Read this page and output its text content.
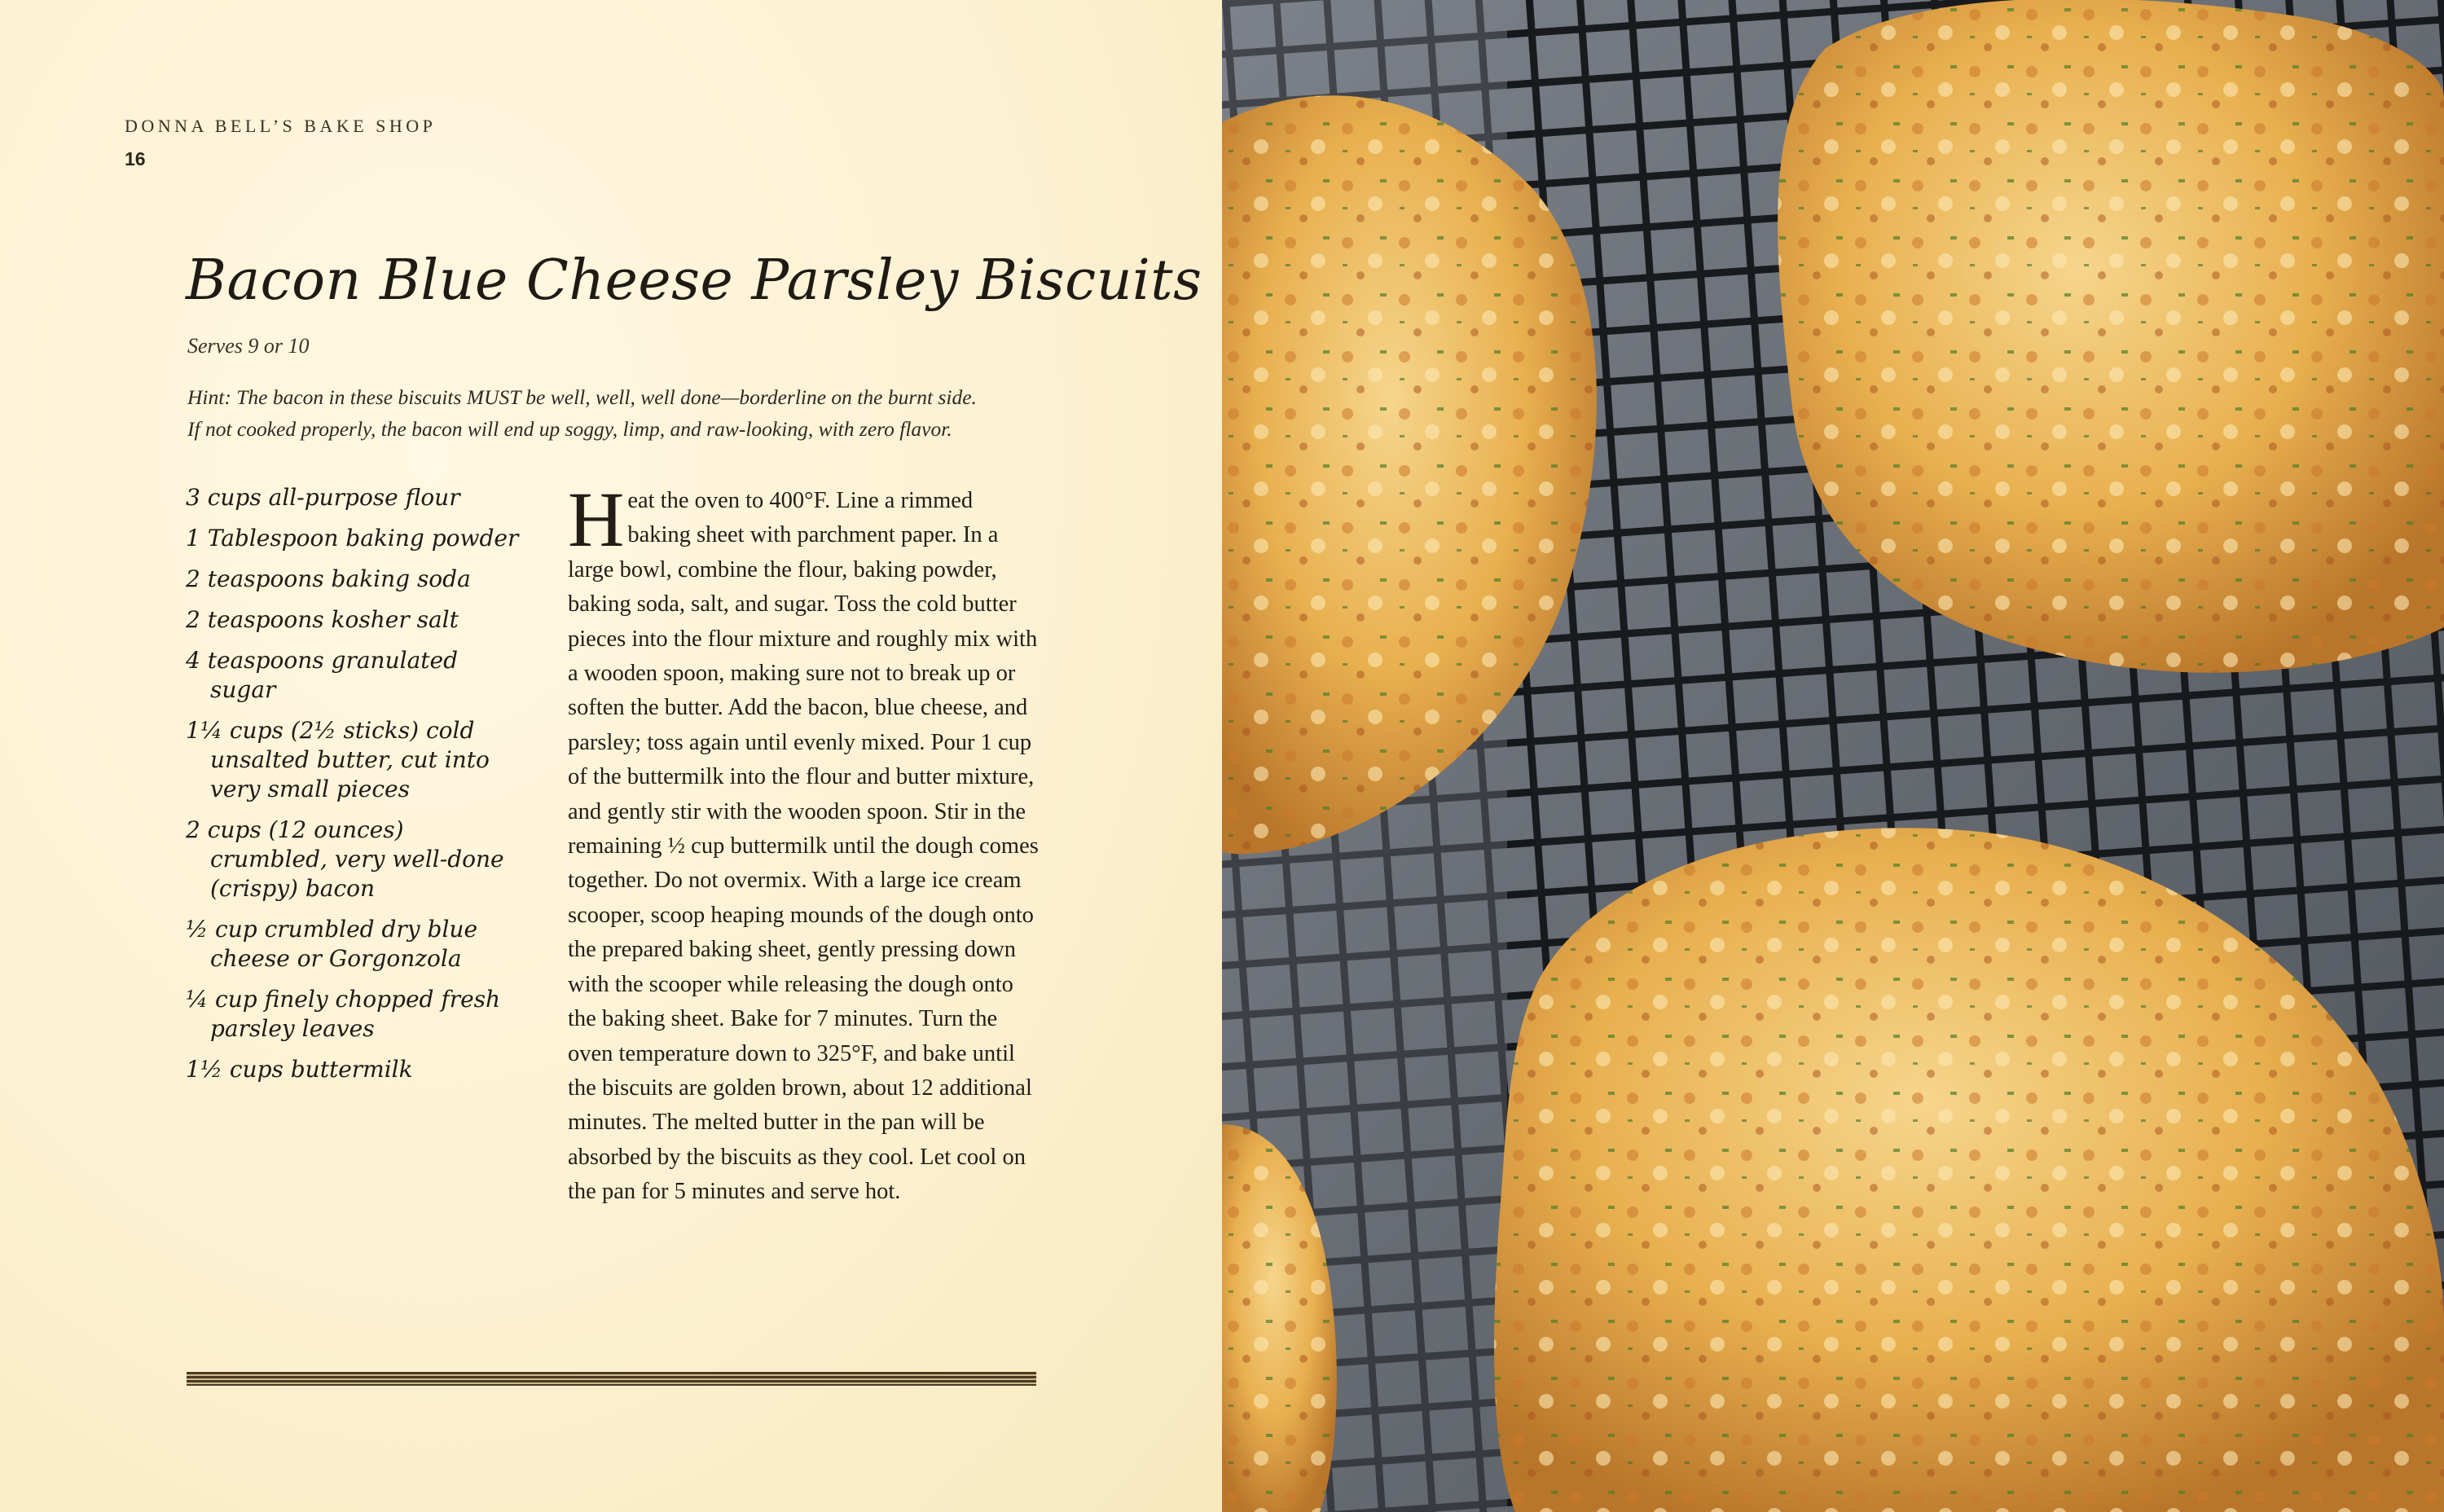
DONNA BELL’S BAKE SHOP
16
Bacon Blue Cheese Parsley Biscuits
Serves 9 or 10
Hint: The bacon in these biscuits MUST be well, well, well done—borderline on the burnt side.
If not cooked properly, the bacon will end up soggy, limp, and raw-looking, with zero flavor.
3 cups all-purpose flour
1 Tablespoon baking powder
2 teaspoons baking soda
2 teaspoons kosher salt
4 teaspoons granulated sugar
1¼ cups (2½ sticks) cold unsalted butter, cut into very small pieces
2 cups (12 ounces) crumbled, very well-done (crispy) bacon
½ cup crumbled dry blue cheese or Gorgonzola
¼ cup finely chopped fresh parsley leaves
1½ cups buttermilk

Heat the oven to 400°F. Line a rimmed baking sheet with parchment paper. In a large bowl, combine the flour, baking powder, baking soda, salt, and sugar. Toss the cold butter pieces into the flour mixture and roughly mix with a wooden spoon, making sure not to break up or soften the butter. Add the bacon, blue cheese, and parsley; toss again until evenly mixed. Pour 1 cup of the buttermilk into the flour and butter mixture, and gently stir with the wooden spoon. Stir in the remaining ½ cup buttermilk until the dough comes together. Do not overmix. With a large ice cream scooper, scoop heaping mounds of the dough onto the prepared baking sheet, gently pressing down with the scooper while releasing the dough onto the baking sheet. Bake for 7 minutes. Turn the oven temperature down to 325°F, and bake until the biscuits are golden brown, about 12 additional minutes. The melted butter in the pan will be absorbed by the biscuits as they cool. Let cool on the pan for 5 minutes and serve hot.
